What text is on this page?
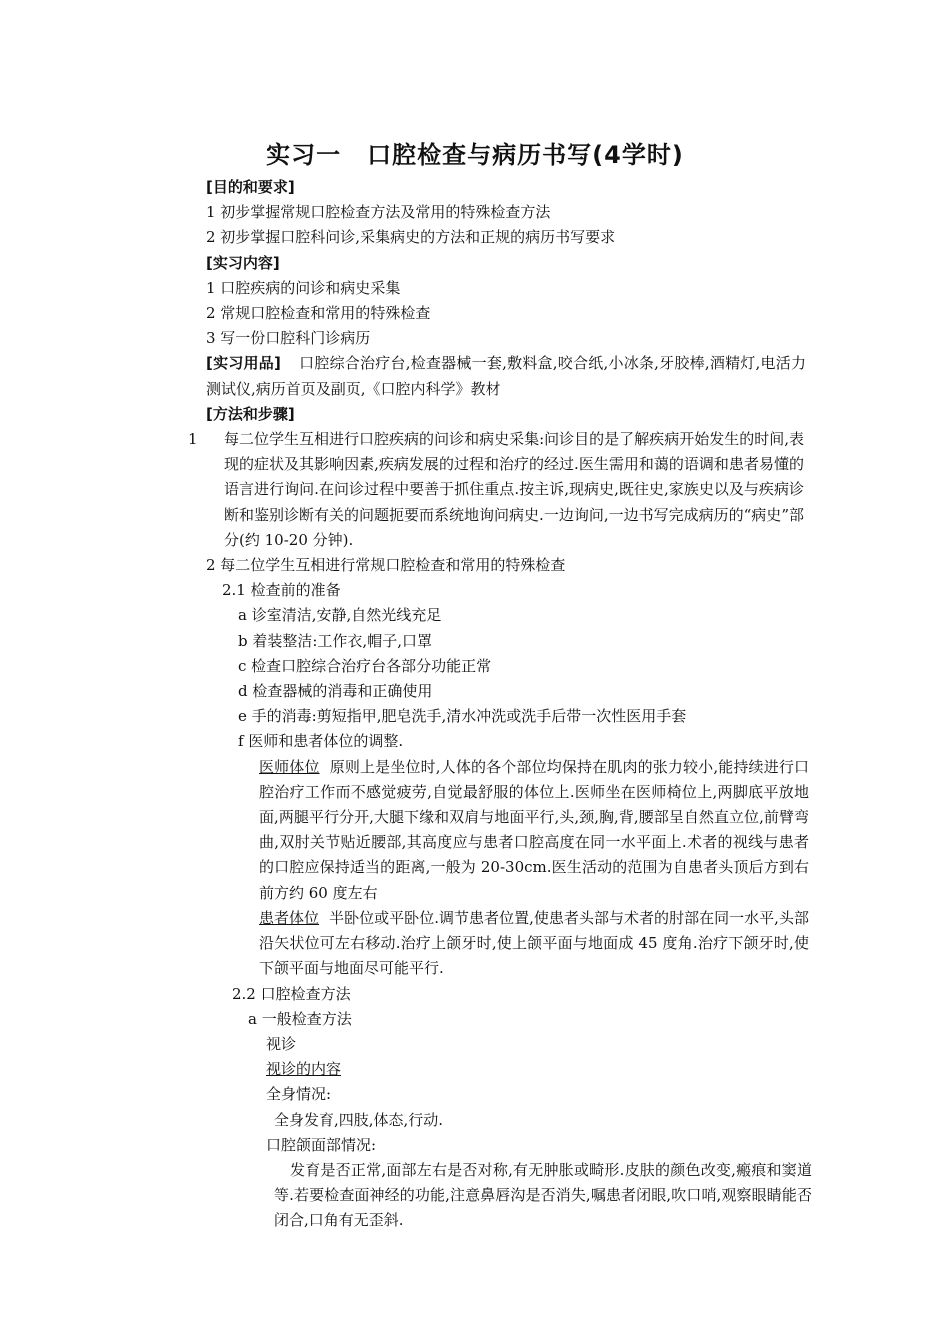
实习一 口腔检查与病历书写(4学时)
[目的和要求]
1 初步掌握常规口腔检查方法及常用的特殊检查方法
2 初步掌握口腔科问诊,采集病史的方法和正规的病历书写要求
[实习内容]
1 口腔疾病的问诊和病史采集
2 常规口腔检查和常用的特殊检查
3 写一份口腔科门诊病历
[实习用品] 口腔综合治疗台,检查器械一套,敷料盒,咬合纸,小冰条,牙胶棒,酒精灯,电活力测试仪,病历首页及副页,《口腔内科学》教材
[方法和步骤]
1 每二位学生互相进行口腔疾病的问诊和病史采集:问诊目的是了解疾病开始发生的时间,表现的症状及其影响因素,疾病发展的过程和治疗的经过.医生需用和蔼的语调和患者易懂的语言进行询问.在问诊过程中要善于抓住重点.按主诉,现病史,既往史,家族史以及与疾病诊断和鉴别诊断有关的问题扼要而系统地询问病史.一边询问,一边书写完成病历的“病史”部分(约 10-20 分钟).
2 每二位学生互相进行常规口腔检查和常用的特殊检查
2.1 检查前的准备
a 诊室清洁,安静,自然光线充足
b 着装整洁:工作衣,帽子,口罩
c 检查口腔综合治疗台各部分功能正常
d 检查器械的消毒和正确使用
e 手的消毒:剪短指甲,肥皂洗手,清水冲洗或洗手后带一次性医用手套
f 医师和患者体位的调整.
医师体位 原则上是坐位时,人体的各个部位均保持在肌肉的张力较小,能持续进行口腔治疗工作而不感觉疲劳,自觉最舒服的体位上.医师坐在医师椅位上,两脚底平放地面,两腿平行分开,大腿下缘和双肩与地面平行,头,颈,胸,背,腰部呈自然直立位,前臂弯曲,双肘关节贴近腰部,其高度应与患者口腔高度在同一水平面上.术者的视线与患者的口腔应保持适当的距离,一般为 20-30cm.医生活动的范围为自患者头顶后方到右前方约 60 度左右
患者体位 半卧位或平卧位.调节患者位置,使患者头部与术者的肘部在同一水平,头部沿矢状位可左右移动.治疗上颌牙时,使上颌平面与地面成 45 度角.治疗下颌牙时,使下颌平面与地面尽可能平行.
2.2 口腔检查方法
a 一般检查方法
视诊
视诊的内容
全身情况:
全身发育,四肢,体态,行动.
口腔颌面部情况:
发育是否正常,面部左右是否对称,有无肿胀或畸形.皮肤的颜色改变,瘢痕和窦道等.若要检查面神经的功能,注意鼻唇沟是否消失,嘱患者闭眼,吹口哨,观察眼睛能否闭合,口角有无歪斜.
